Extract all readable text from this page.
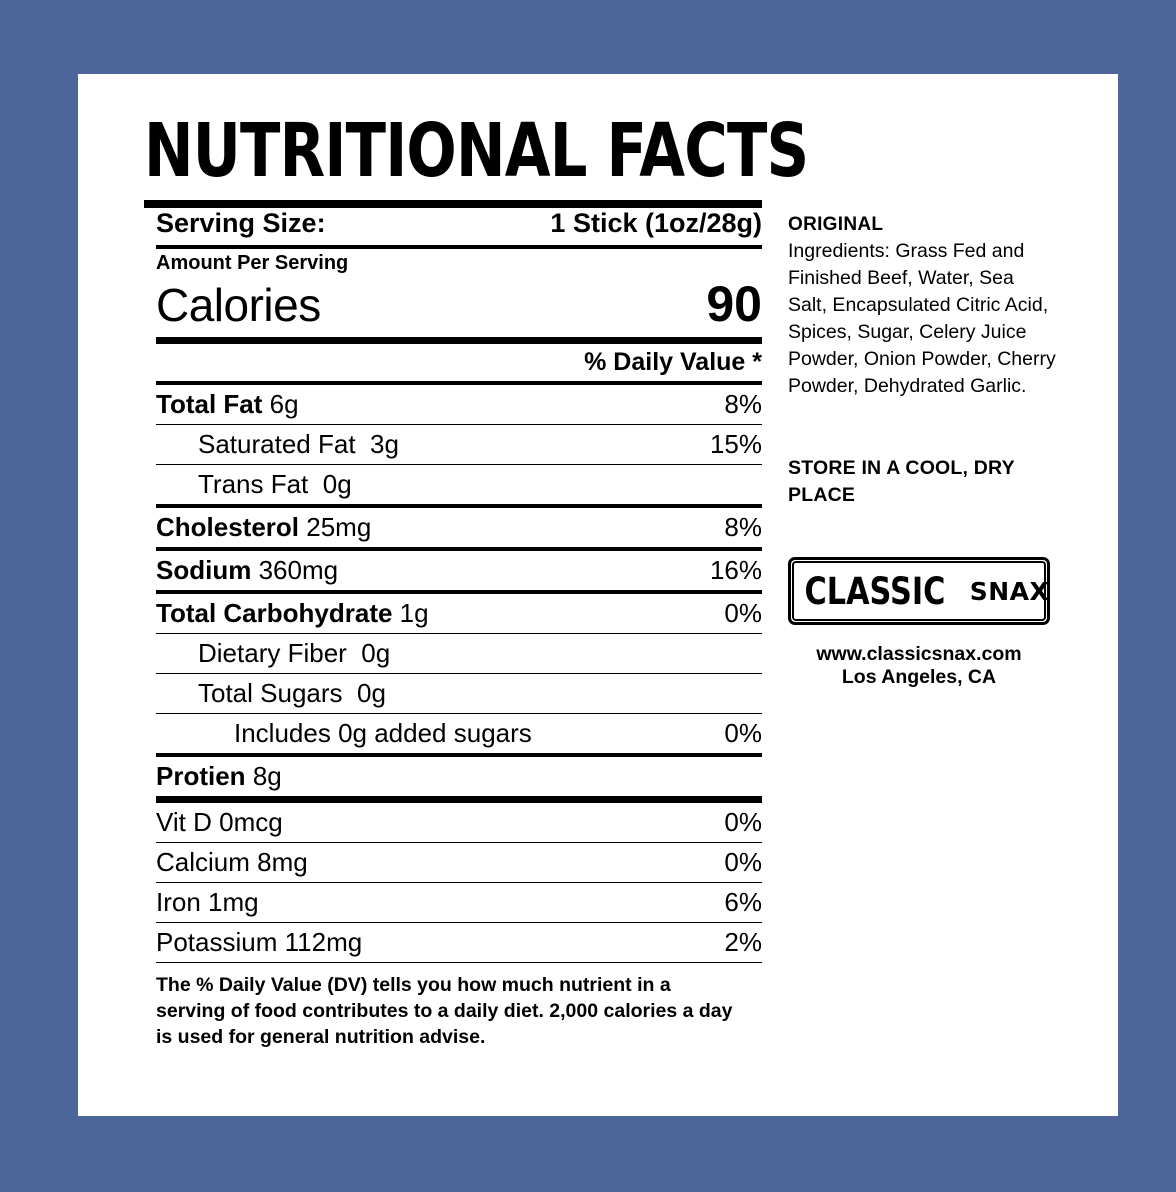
NUTRITIONAL FACTS
Serving Size:	1 Stick (1oz/28g)
Amount Per Serving
Calories	90
% Daily Value *
Total Fat 6g	8%
Saturated Fat 3g	15%
Trans Fat 0g
Cholesterol 25mg	8%
Sodium 360mg	16%
Total Carbohydrate 1g	0%
Dietary Fiber 0g
Total Sugars 0g
Includes 0g added sugars	0%
Protien 8g
Vit D 0mcg	0%
Calcium 8mg	0%
Iron 1mg	6%
Potassium 112mg	2%
The % Daily Value (DV) tells you how much nutrient in a serving of food contributes to a daily diet. 2,000 calories a day is used for general nutrition advise.
ORIGINAL
Ingredients: Grass Fed and Finished Beef, Water, Sea Salt, Encapsulated Citric Acid, Spices, Sugar, Celery Juice Powder, Onion Powder, Cherry Powder, Dehydrated Garlic.
STORE IN A COOL, DRY PLACE
CLASSIC SNAX
www.classicsnax.com
Los Angeles, CA
